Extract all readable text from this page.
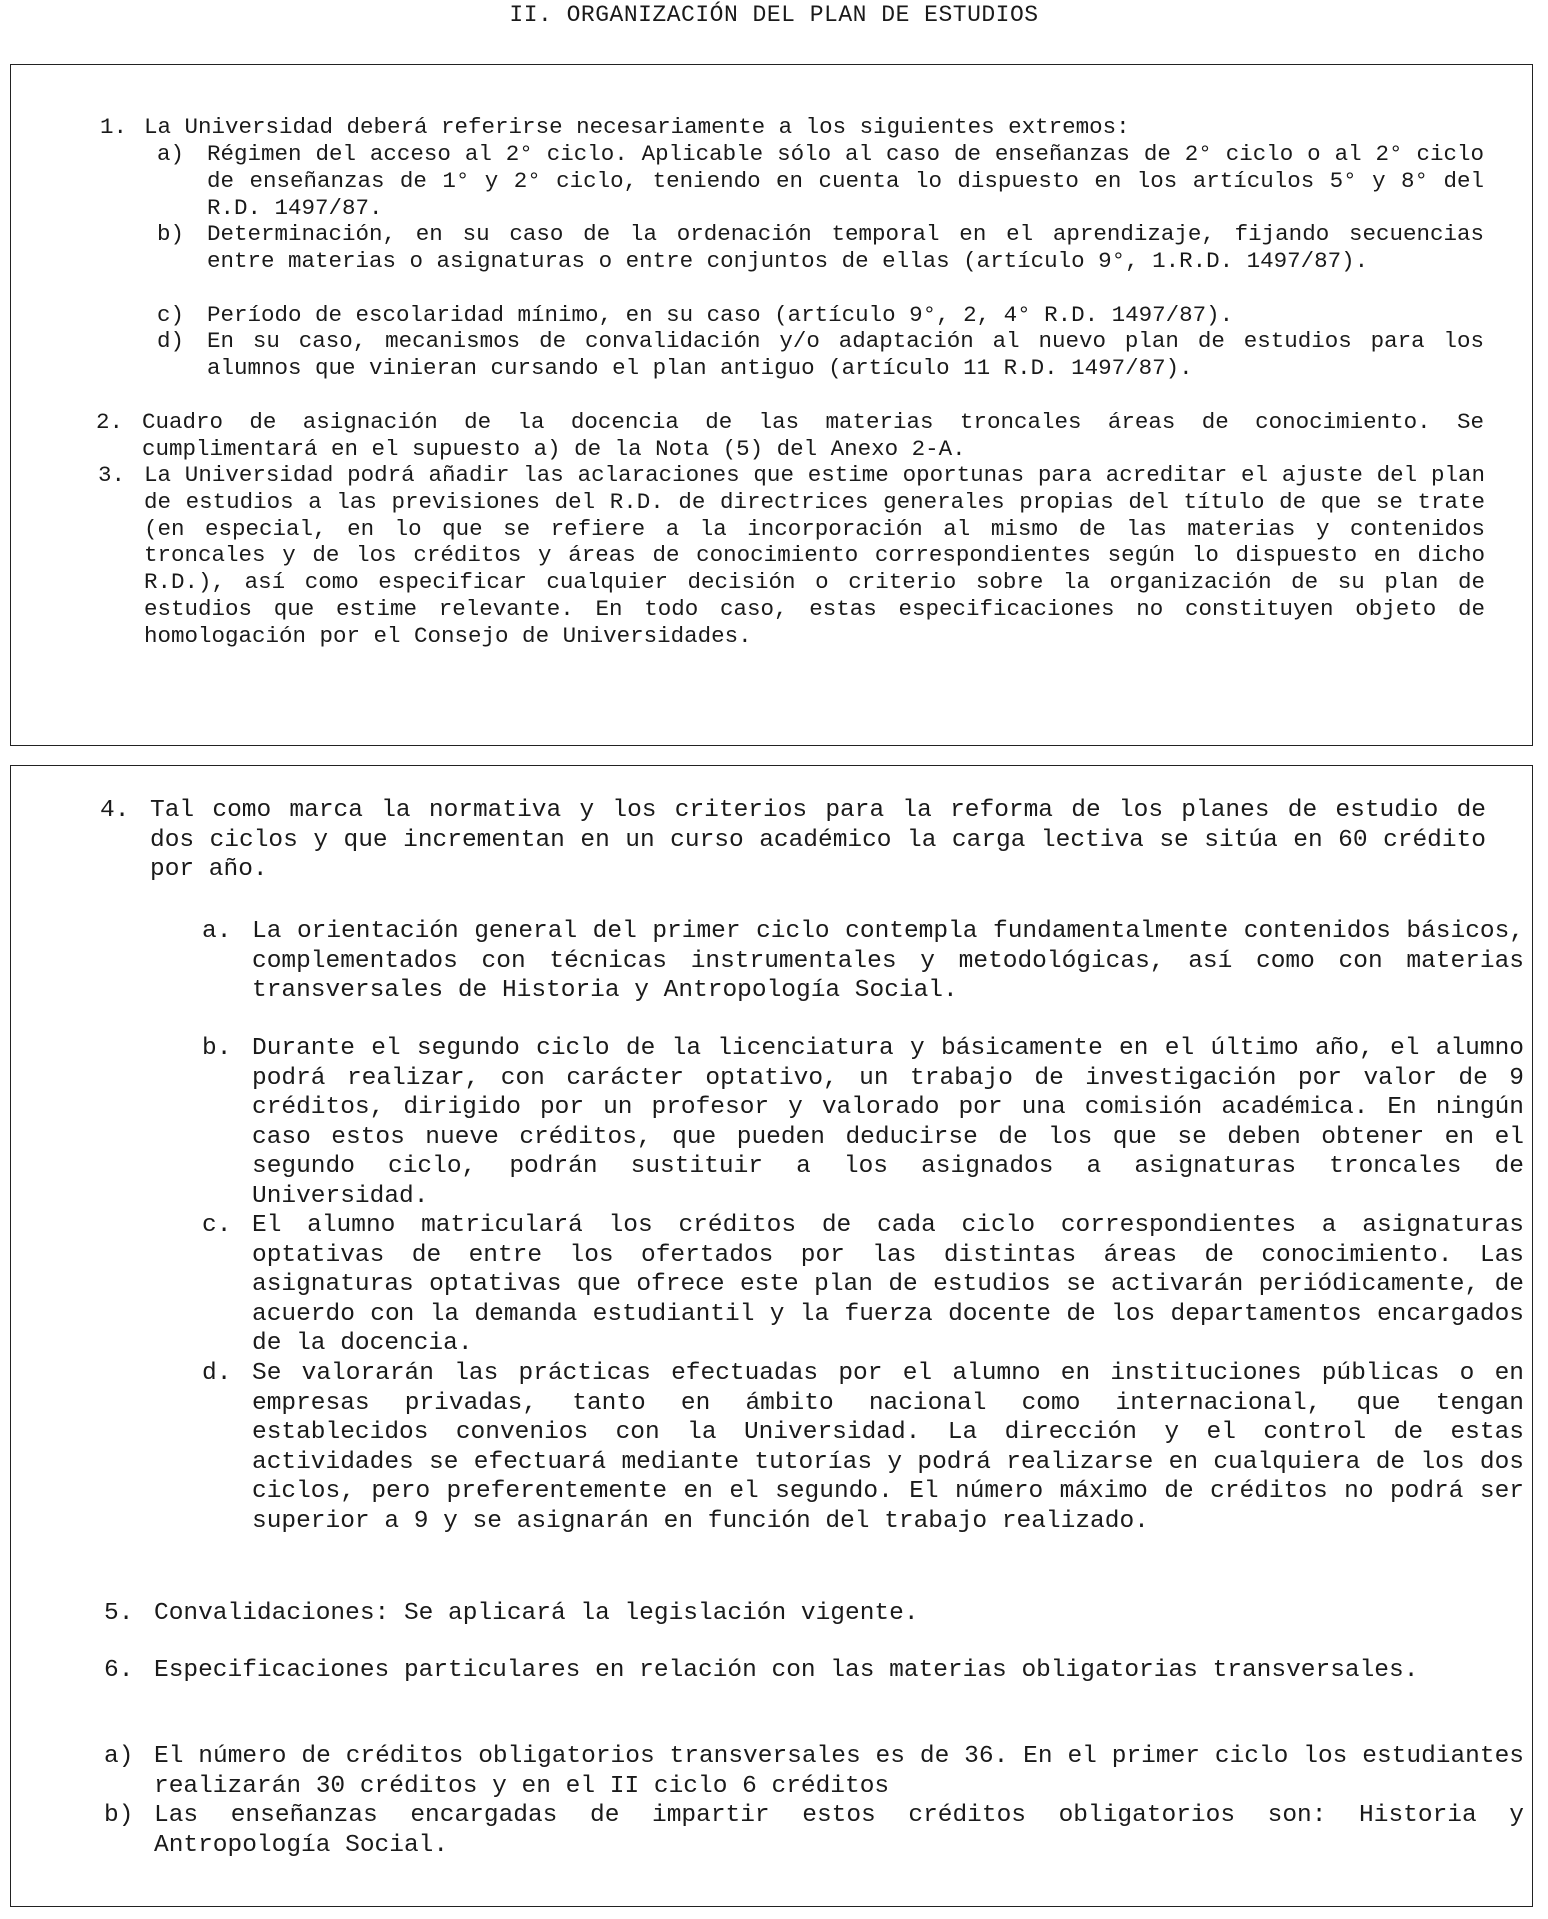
II. ORGANIZACIÓN DEL PLAN DE ESTUDIOS
1. La Universidad deberá referirse necesariamente a los siguientes extremos:
a)	Régimen del acceso al 2° ciclo. Aplicable sólo al caso de enseñanzas de 2° ciclo o al 2° ciclo de enseñanzas de 1° y 2° ciclo, teniendo en cuenta lo dispuesto en los artículos 5° y 8° del R.D. 1497/87.
b)	Determinación, en su caso de la ordenación temporal en el aprendizaje, fijando secuencias entre materias o asignaturas o entre conjuntos de ellas (artículo 9°, 1.R.D. 1497/87).
c)	Período de escolaridad mínimo, en su caso (artículo 9°, 2, 4° R.D. 1497/87).
d)	En su caso, mecanismos de convalidación y/o adaptación al nuevo plan de estudios para los alumnos que vinieran cursando el plan antiguo (artículo 11 R.D. 1497/87).
2. Cuadro de asignación de la docencia de las materias troncales áreas de conocimiento. Se cumplimentará en el supuesto a) de la Nota (5) del Anexo 2-A.
3. La Universidad podrá añadir las aclaraciones que estime oportunas para acreditar el ajuste del plan de estudios a las previsiones del R.D. de directrices generales propias del título de que se trate (en especial, en lo que se refiere a la incorporación al mismo de las materias y contenidos troncales y de los créditos y áreas de conocimiento correspondientes según lo dispuesto en dicho R.D.), así como especificar cualquier decisión o criterio sobre la organización de su plan de estudios que estime relevante. En todo caso, estas especificaciones no constituyen objeto de homologación por el Consejo de Universidades.
4. Tal como marca la normativa y los criterios para la reforma de los planes de estudio de dos ciclos y que incrementan en un curso académico la carga lectiva se sitúa en 60 crédito por año.
a. La orientación general del primer ciclo contempla fundamentalmente contenidos básicos, complementados con técnicas instrumentales y metodológicas, así como con materias transversales de Historia y Antropología Social.
b. Durante el segundo ciclo de la licenciatura y básicamente en el último año, el alumno podrá realizar, con carácter optativo, un trabajo de investigación por valor de 9 créditos, dirigido por un profesor y valorado por una comisión académica. En ningún caso estos nueve créditos, que pueden deducirse de los que se deben obtener en el segundo ciclo, podrán sustituir a los asignados a asignaturas troncales de Universidad.
c. El alumno matriculará los créditos de cada ciclo correspondientes a asignaturas optativas de entre los ofertados por las distintas áreas de conocimiento. Las asignaturas optativas que ofrece este plan de estudios se activarán periódicamente, de acuerdo con la demanda estudiantil y la fuerza docente de los departamentos encargados de la docencia.
d. Se valorarán las prácticas efectuadas por el alumno en instituciones públicas o en empresas privadas, tanto en ámbito nacional como internacional, que tengan establecidos convenios con la Universidad. La dirección y el control de estas actividades se efectuará mediante tutorías y podrá realizarse en cualquiera de los dos ciclos, pero preferentemente en el segundo. El número máximo de créditos no podrá ser superior a 9 y se asignarán en función del trabajo realizado.
5. Convalidaciones: Se aplicará la legislación vigente.
6. Especificaciones particulares en relación con las materias obligatorias transversales.
a) El número de créditos obligatorios transversales es de 36. En el primer ciclo los estudiantes realizarán 30 créditos y en el II ciclo 6 créditos
b) Las enseñanzas encargadas de impartir estos créditos obligatorios son: Historia y Antropología Social.
